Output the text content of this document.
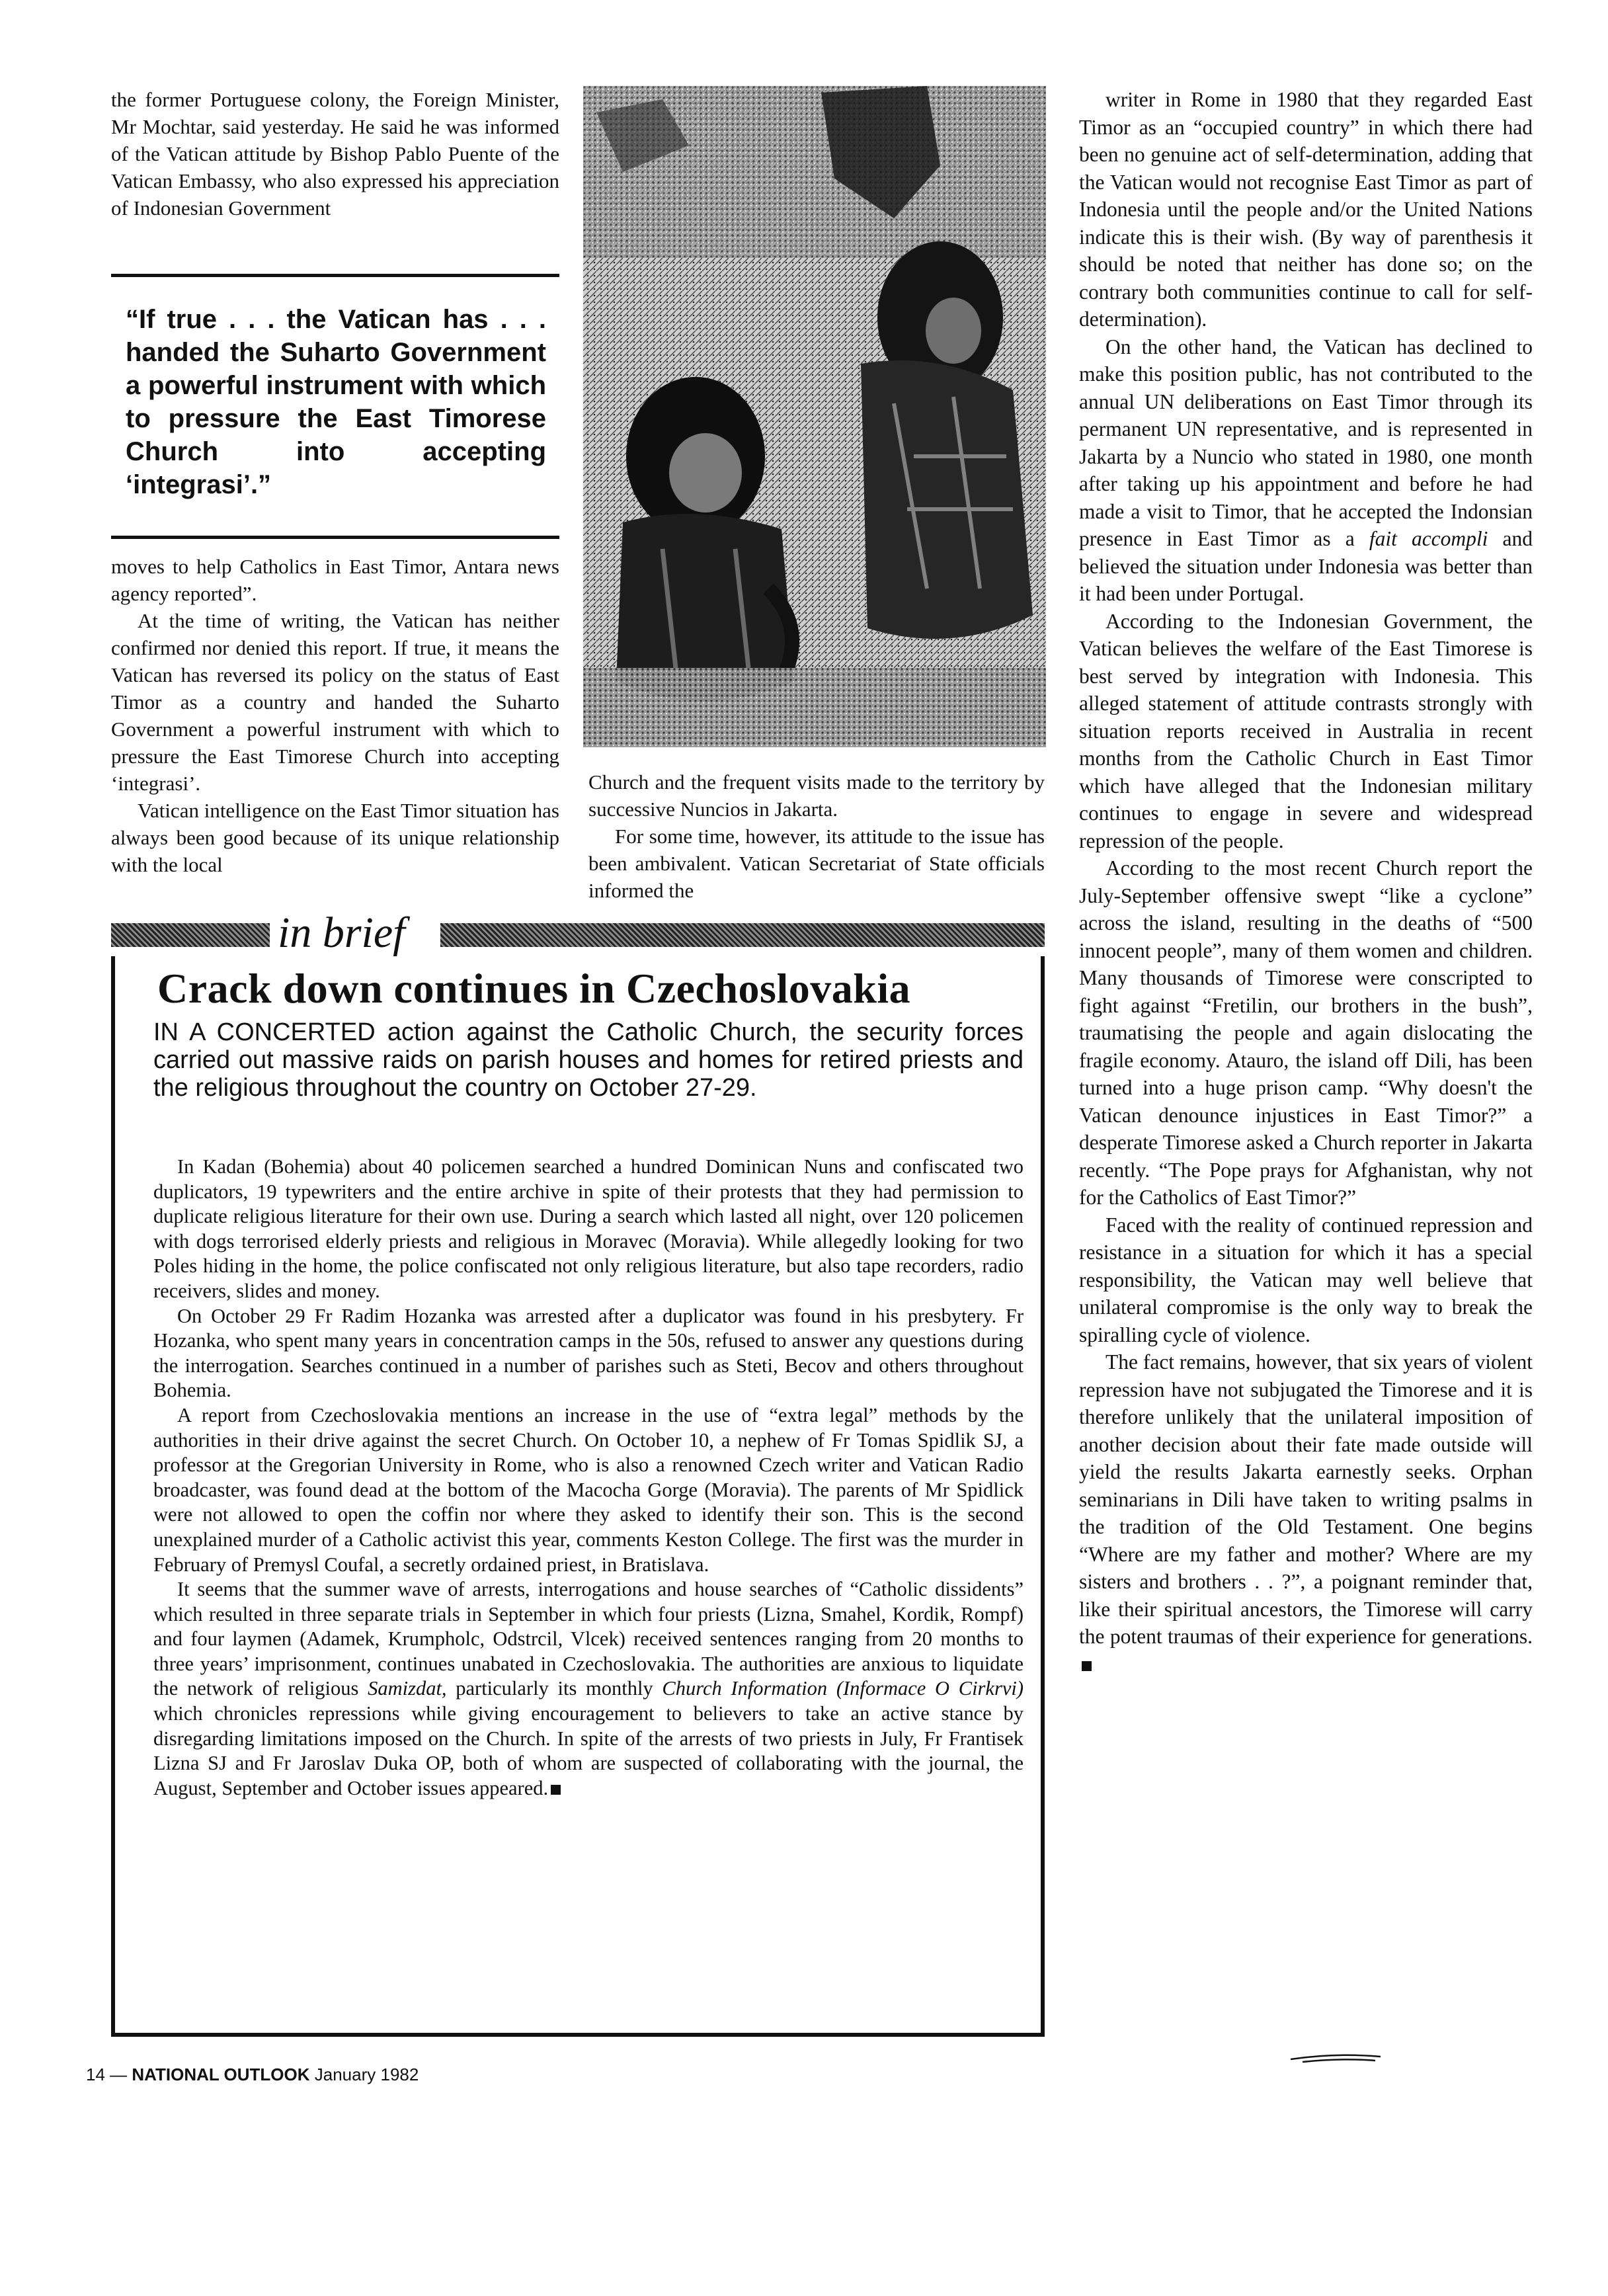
the former Portuguese colony, the Foreign Minister, Mr Mochtar, said yesterday. He said he was informed of the Vatican attitude by Bishop Pablo Puente of the Vatican Embassy, who also expressed his appreciation of Indonesian Government

“If true . . . the Vatican has . . . handed the Suharto Government a powerful instrument with which to pressure the East Timorese Church into accepting ‘integrasi’.”

moves to help Catholics in East Timor, Antara news agency reported”.

At the time of writing, the Vatican has neither confirmed nor denied this report. If true, it means the Vatican has reversed its policy on the status of East Timor as a country and handed the Suharto Government a powerful instrument with which to pressure the East Timorese Church into accepting ‘integrasi’.

Vatican intelligence on the East Timor situation has always been good because of its unique relationship with the local

Church and the frequent visits made to the territory by successive Nuncios in Jakarta.

For some time, however, its attitude to the issue has been ambivalent. Vatican Secretariat of State officials informed the

writer in Rome in 1980 that they regarded East Timor as an “occupied country” in which there had been no genuine act of self-determination, adding that the Vatican would not recognise East Timor as part of Indonesia until the people and/or the United Nations indicate this is their wish. (By way of parenthesis it should be noted that neither has done so; on the contrary both communities continue to call for self-determination).

On the other hand, the Vatican has declined to make this position public, has not contributed to the annual UN deliberations on East Timor through its permanent UN representative, and is represented in Jakarta by a Nuncio who stated in 1980, one month after taking up his appointment and before he had made a visit to Timor, that he accepted the Indonsian presence in East Timor as a fait accompli and believed the situation under Indonesia was better than it had been under Portugal.

According to the Indonesian Government, the Vatican believes the welfare of the East Timorese is best served by integration with Indonesia. This alleged statement of attitude contrasts strongly with situation reports received in Australia in recent months from the Catholic Church in East Timor which have alleged that the Indonesian military continues to engage in severe and widespread repression of the people.

According to the most recent Church report the July-September offensive swept “like a cyclone” across the island, resulting in the deaths of “500 innocent people”, many of them women and children. Many thousands of Timorese were conscripted to fight against “Fretilin, our brothers in the bush”, traumatising the people and again dislocating the fragile economy. Atauro, the island off Dili, has been turned into a huge prison camp. “Why doesn't the Vatican denounce injustices in East Timor?” a desperate Timorese asked a Church reporter in Jakarta recently. “The Pope prays for Afghanistan, why not for the Catholics of East Timor?”

Faced with the reality of continued repression and resistance in a situation for which it has a special responsibility, the Vatican may well believe that unilateral compromise is the only way to break the spiralling cycle of violence.

The fact remains, however, that six years of violent repression have not subjugated the Timorese and it is therefore unlikely that the unilateral imposition of another decision about their fate made outside will yield the results Jakarta earnestly seeks. Orphan seminarians in Dili have taken to writing psalms in the tradition of the Old Testament. One begins “Where are my father and mother? Where are my sisters and brothers . . ?”, a poignant reminder that, like their spiritual ancestors, the Timorese will carry the potent traumas of their experience for generations.

in brief
Crack down continues in Czechoslovakia
IN A CONCERTED action against the Catholic Church, the security forces carried out massive raids on parish houses and homes for retired priests and the religious throughout the country on October 27-29.

In Kadan (Bohemia) about 40 policemen searched a hundred Dominican Nuns and confiscated two duplicators, 19 typewriters and the entire archive in spite of their protests that they had permission to duplicate religious literature for their own use. During a search which lasted all night, over 120 policemen with dogs terrorised elderly priests and religious in Moravec (Moravia). While allegedly looking for two Poles hiding in the home, the police confiscated not only religious literature, but also tape recorders, radio receivers, slides and money.

On October 29 Fr Radim Hozanka was arrested after a duplicator was found in his presbytery. Fr Hozanka, who spent many years in concentration camps in the 50s, refused to answer any questions during the interrogation. Searches continued in a number of parishes such as Steti, Becov and others throughout Bohemia.

A report from Czechoslovakia mentions an increase in the use of “extra legal” methods by the authorities in their drive against the secret Church. On October 10, a nephew of Fr Tomas Spidlik SJ, a professor at the Gregorian University in Rome, who is also a renowned Czech writer and Vatican Radio broadcaster, was found dead at the bottom of the Macocha Gorge (Moravia). The parents of Mr Spidlick were not allowed to open the coffin nor where they asked to identify their son. This is the second unexplained murder of a Catholic activist this year, comments Keston College. The first was the murder in February of Premysl Coufal, a secretly ordained priest, in Bratislava.

It seems that the summer wave of arrests, interrogations and house searches of “Catholic dissidents” which resulted in three separate trials in September in which four priests (Lizna, Smahel, Kordik, Rompf) and four laymen (Adamek, Krumpholc, Odstrcil, Vlcek) received sentences ranging from 20 months to three years’ imprisonment, continues unabated in Czechoslovakia. The authorities are anxious to liquidate the network of religious Samizdat, particularly its monthly Church Information (Informace O Cirkrvi) which chronicles repressions while giving encouragement to believers to take an active stance by disregarding limitations imposed on the Church. In spite of the arrests of two priests in July, Fr Frantisek Lizna SJ and Fr Jaroslav Duka OP, both of whom are suspected of collaborating with the journal, the August, September and October issues appeared.

14 — NATIONAL OUTLOOK January 1982
